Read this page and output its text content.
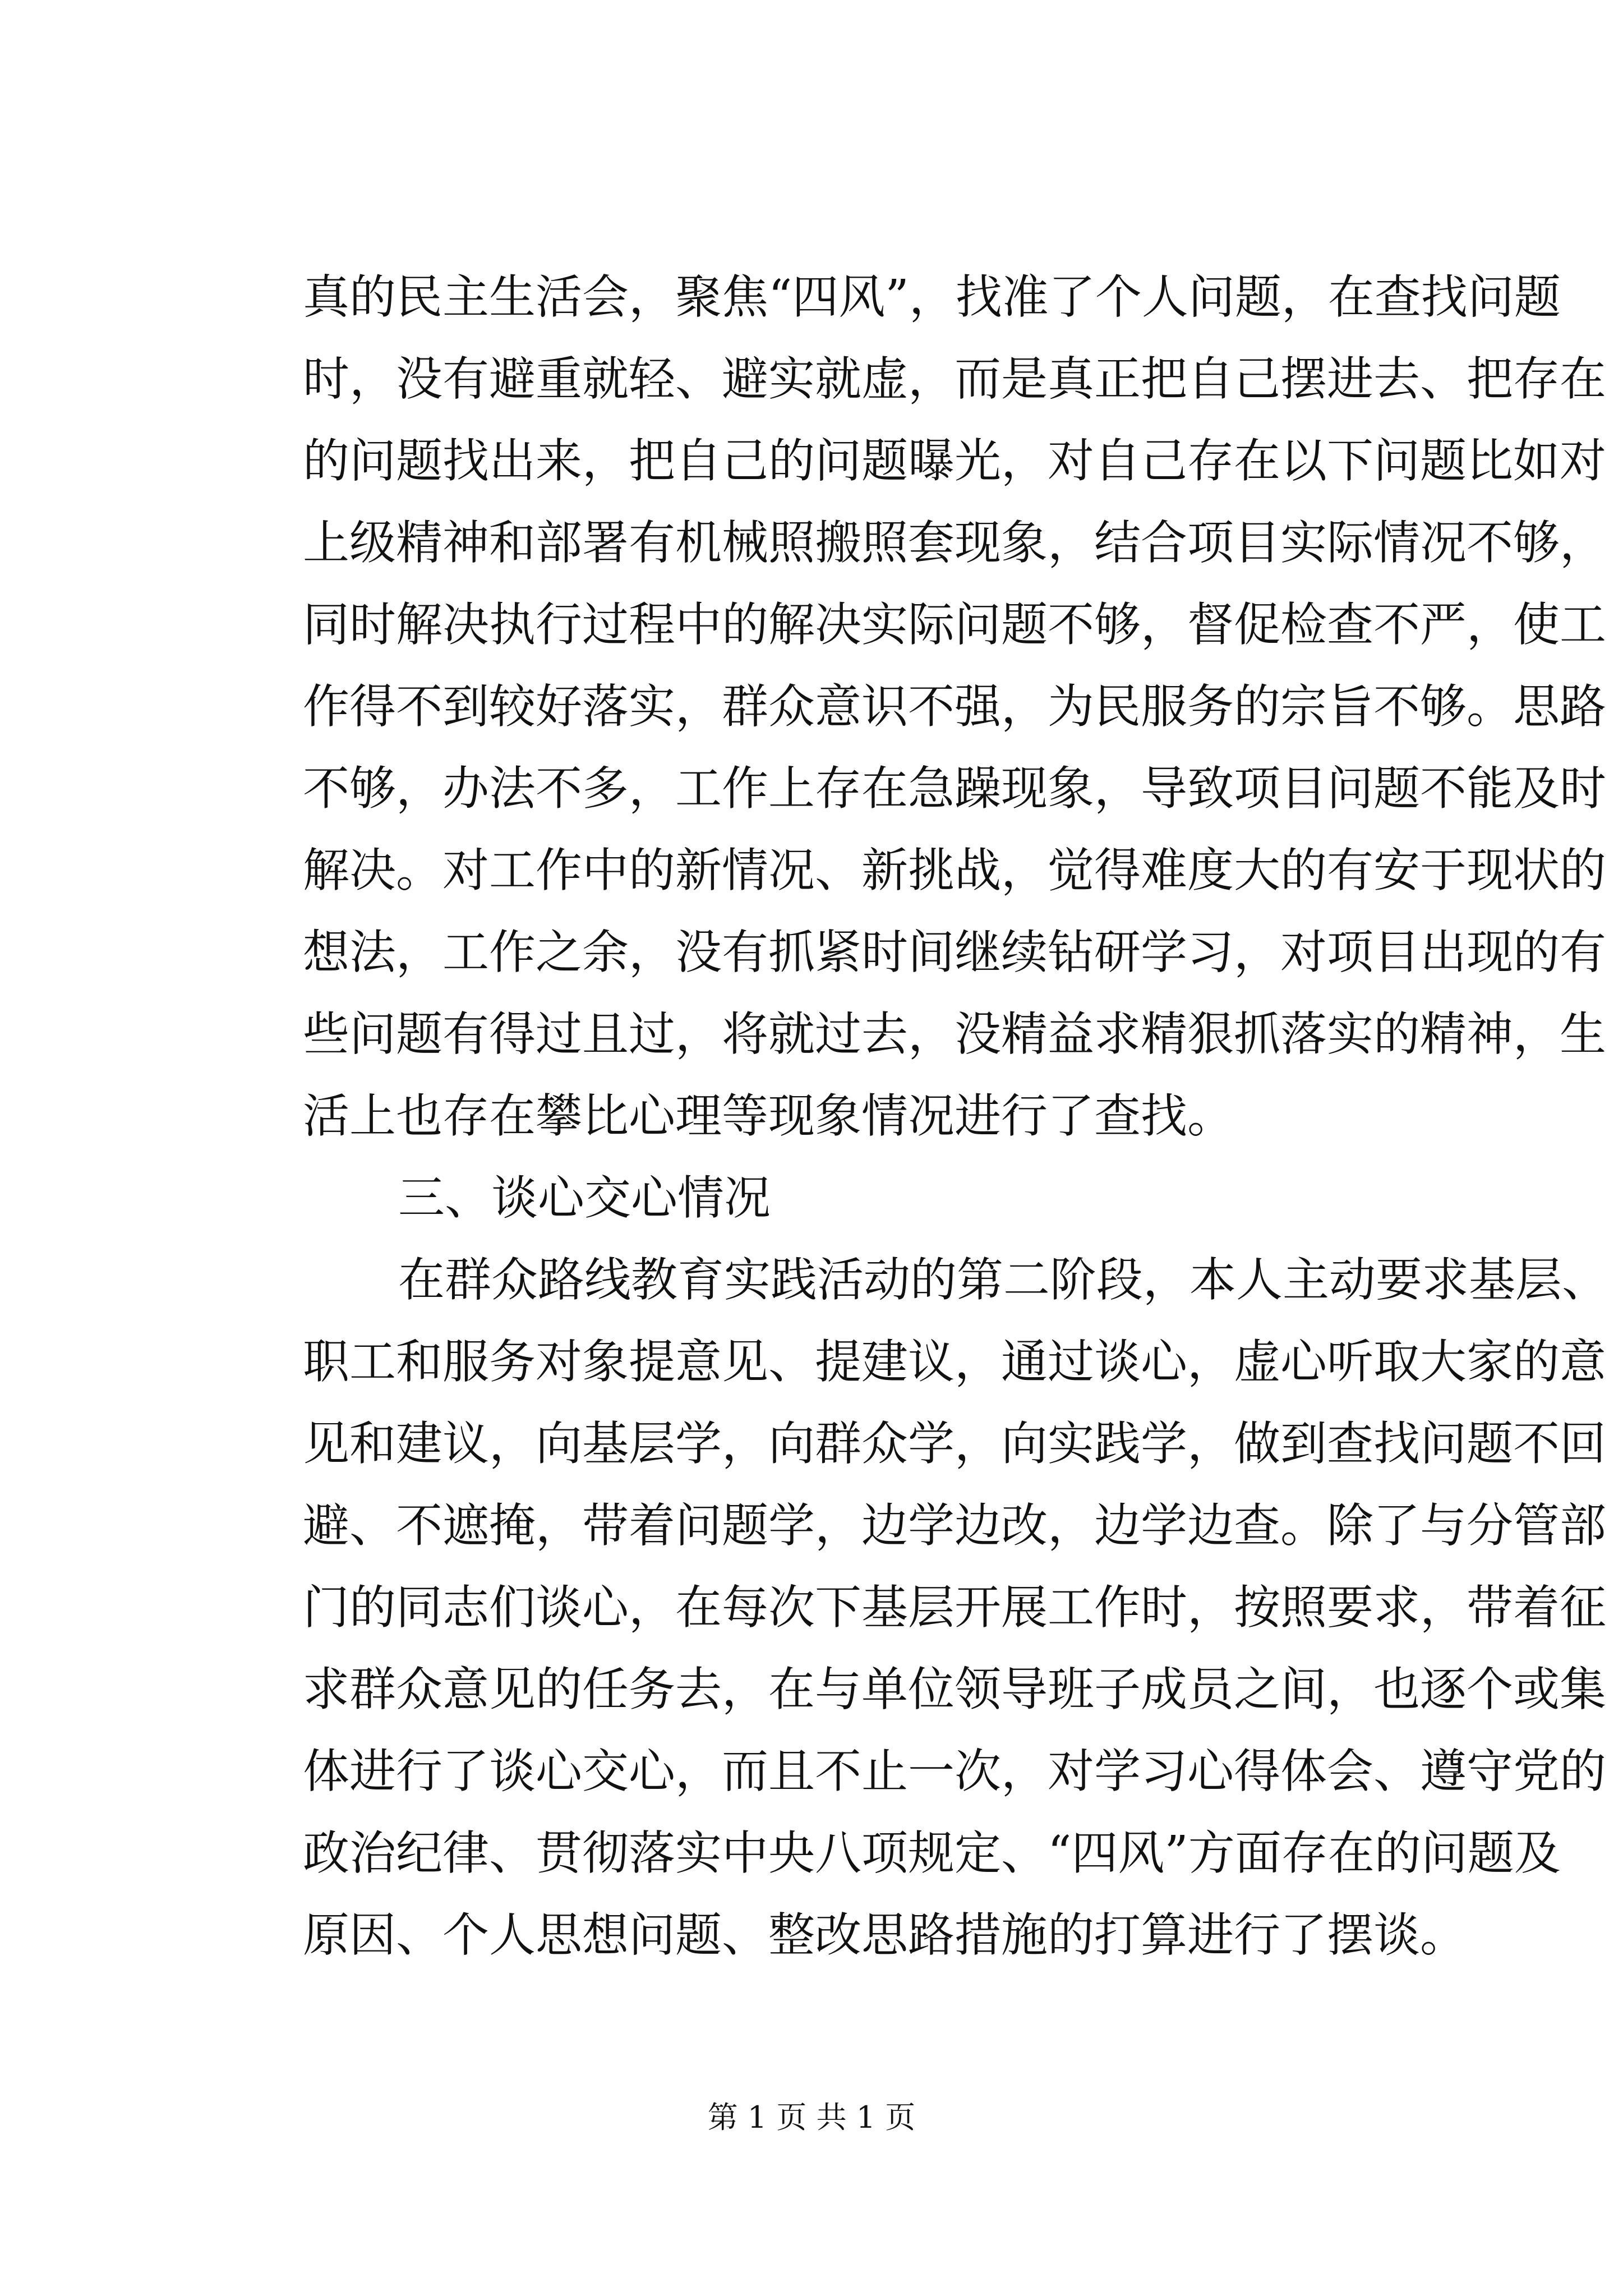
真的民主生活会，聚焦“四风”，找准了个人问题，在查找问题
时，没有避重就轻、避实就虚，而是真正把自己摆进去、把存在
的问题找出来，把自己的问题曝光，对自己存在以下问题比如对
上级精神和部署有机械照搬照套现象，结合项目实际情况不够，
同时解决执行过程中的解决实际问题不够，督促检查不严，使工
作得不到较好落实，群众意识不强，为民服务的宗旨不够。思路
不够，办法不多，工作上存在急躁现象，导致项目问题不能及时
解决。对工作中的新情况、新挑战，觉得难度大的有安于现状的
想法，工作之余，没有抓紧时间继续钻研学习，对项目出现的有
些问题有得过且过，将就过去，没精益求精狠抓落实的精神，生
活上也存在攀比心理等现象情况进行了查找。
三、谈心交心情况
在群众路线教育实践活动的第二阶段，本人主动要求基层、
职工和服务对象提意见、提建议，通过谈心，虚心听取大家的意
见和建议，向基层学，向群众学，向实践学，做到查找问题不回
避、不遮掩，带着问题学，边学边改，边学边查。除了与分管部
门的同志们谈心，在每次下基层开展工作时，按照要求，带着征
求群众意见的任务去，在与单位领导班子成员之间，也逐个或集
体进行了谈心交心，而且不止一次，对学习心得体会、遵守党的
政治纪律、贯彻落实中央八项规定、“四风”方面存在的问题及
原因、个人思想问题、整改思路措施的打算进行了摆谈。
第 1 页 共 1 页
